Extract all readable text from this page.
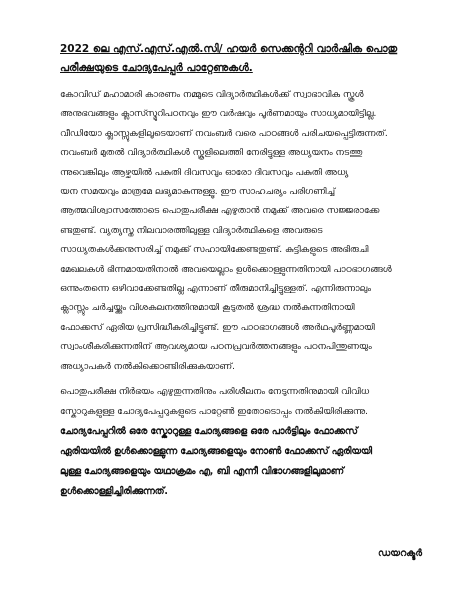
2022 ലെ എസ്.എസ്.എൽ.സി/ ഹയർ സെക്കന്ററി വാർഷിക പൊതു
പരീക്ഷയുടെ ചോദ്യപേപ്പർ പാറ്റേണുകൾ.
കോവിഡ് മഹാമാരി കാരണം നമ്മുടെ വിദ്യാർത്ഥികൾക്ക് സ്വാഭാവിക സ്കൂൾ
അനുഭവങ്ങളും ക്ലാസ്സ്മുറിപഠനവും ഈ വർഷവും പൂർണമായും സാധ്യമായിട്ടില്ല.
വീഡിയോ ക്ലാസ്സുകളിലൂടെയാണ് നവംബർ വരെ പാഠങ്ങൾ പരിചയപ്പെട്ടിരുന്നത്.
നവംബർ മുതൽ വിദ്യാർത്ഥികൾ സ്കൂളിലെത്തി നേരിട്ടുള്ള അധ്യയനം നടത്തു
ന്നുവെങ്കിലും ആഴ്ചയിൽ പകുതി ദിവസവും ഓരോ ദിവസവും പകുതി അധ്യ
യന സമയവും മാത്രമേ ലഭ്യമാകുന്നുള്ളൂ. ഈ സാഹചര്യം പരിഗണിച്ച്
ആത്മവിശ്വാസത്തോടെ പൊതുപരീക്ഷ എഴുതാൻ നമുക്ക് അവരെ സജ്ജരാക്കേ
ണ്ടതുണ്ട്. വ്യത്യസ്ത നിലവാരത്തിലുള്ള വിദ്യാർത്ഥികളെ അവരുടെ
സാധ്യതകൾക്കനുസരിച്ച് നമുക്ക് സഹായിക്കേണ്ടതുണ്ട്. കുട്ടികളുടെ അഭിരുചി
മേഖലകൾ ഭിന്നമായതിനാൽ അവയെല്ലാം ഉൾക്കൊള്ളുന്നതിനായി പാഠഭാഗങ്ങൾ
ഒന്നുംതന്നെ ഒഴിവാക്കേണ്ടതില്ല എന്നാണ് തീരുമാനിച്ചിട്ടുള്ളത്. എന്നിരുന്നാലും
ക്ലാസ്സും ചർച്ചയ്ക്കും വിശകലനത്തിനുമായി കൂടുതൽ ശ്രദ്ധ നൽകുന്നതിനായി
ഫോക്കസ് ഏരിയ പ്രസിദ്ധീകരിച്ചിട്ടുണ്ട്. ഈ പാഠഭാഗങ്ങൾ അർഥപൂർണ്ണമായി
സ്വാംശീകരിക്കുന്നതിന് ആവശ്യമായ പഠനപ്രവർത്തനങ്ങളും പഠനപിന്തുണയും
അധ്യാപകർ നൽകിക്കൊണ്ടിരിക്കുകയാണ്.
പൊതുപരീക്ഷ നിർഭയം എഴുതുന്നതിനും പരിശീലനം നേടുന്നതിനുമായി വിവിധ
സ്കോറുകളുള്ള ചോദ്യപേപ്പറുകളുടെ പാറ്റേൺ ഇതോടൊപ്പം നൽകിയിരിക്കുന്നു.
ചോദ്യപേപ്പറിൽ ഒരേ സ്കോറുള്ള ചോദ്യങ്ങളെ ഒരേ പാർട്ടിലും ഫോക്കസ്
ഏരിയയിൽ ഉൾക്കൊള്ളുന്ന ചോദ്യങ്ങളെയും നോൺ ഫോക്കസ് ഏരിയയി
ലുള്ള ചോദ്യങ്ങളെയും യഥാക്രമം എ, ബി എന്നീ വിഭാഗങ്ങളിലുമാണ്
ഉൾക്കൊള്ളിച്ചിരിക്കുന്നത്.
ഡയറക്ടർ
